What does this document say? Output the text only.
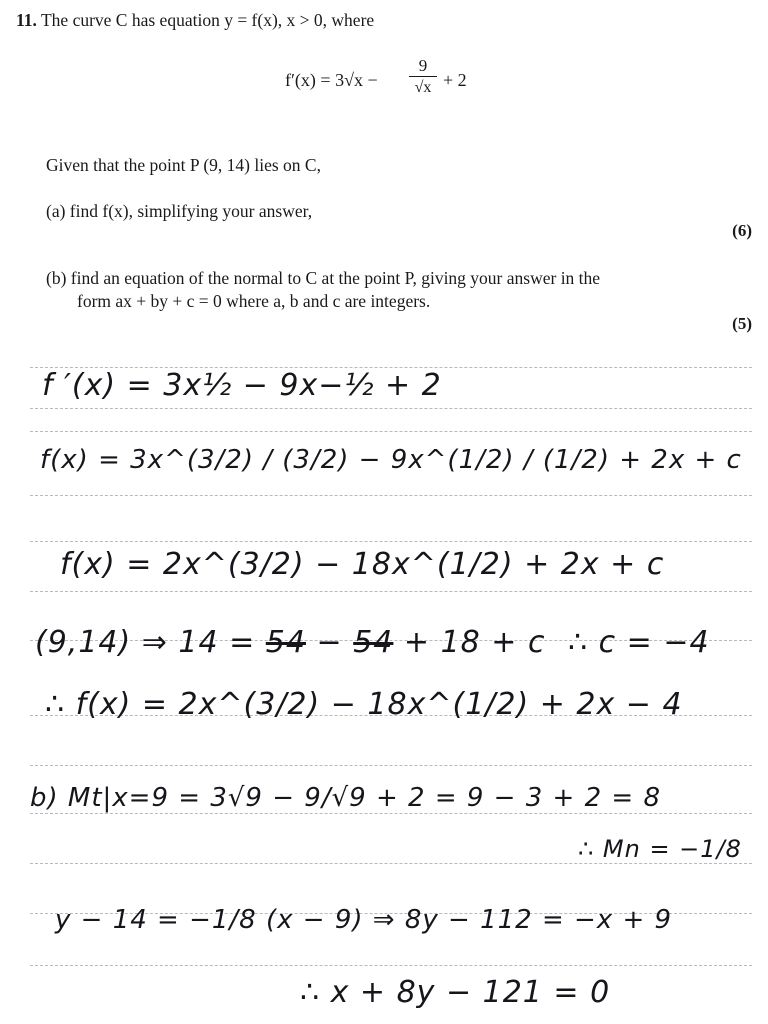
11. The curve C has equation y = f(x), x > 0, where
f′(x) = 3√x −
9
√x + 2
Given that the point P (9, 14) lies on C,
(a) find f(x), simplifying your answer,
(6)
(b) find an equation of the normal to C at the point P, giving your answer in the
form ax + by + c = 0 where a, b and c are integers.
(5)
f ′(x) = 3x½ − 9x−½ + 2
f(x) = 3x^(3/2) / (3/2) − 9x^(1/2) / (1/2) + 2x + c
f(x) = 2x^(3/2) − 18x^(1/2) + 2x + c
(9,14) ⇒ 14 = 54 − 54 + 18 + c ∴ c = −4
∴ f(x) = 2x^(3/2) − 18x^(1/2) + 2x − 4
b) Mt|x=9 = 3√9 − 9/√9 + 2 = 9 − 3 + 2 = 8
∴ Mn = −1/8
y − 14 = −1/8 (x − 9) ⇒ 8y − 112 = −x + 9
∴ x + 8y − 121 = 0
